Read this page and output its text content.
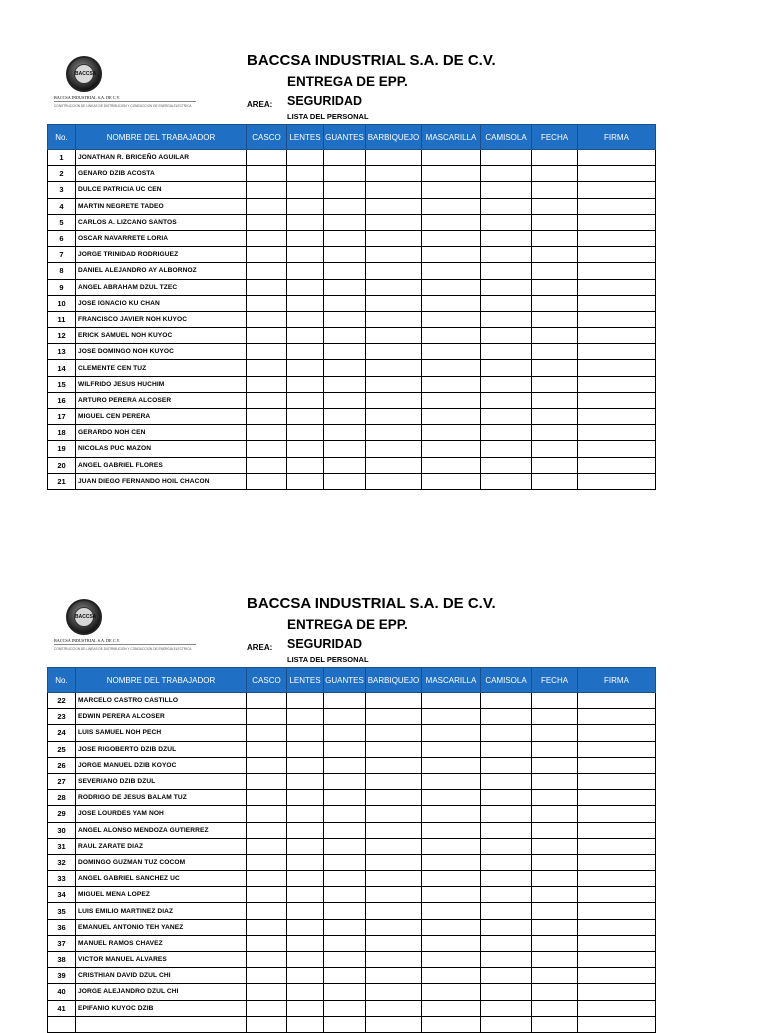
BACCSA
BACCSA INDUSTRIAL S.A. DE C.V.
CONSTRUCCION DE LINEAS DE DISTRIBUCION Y CONDUCCION DE ENERGIA ELECTRICA
BACCSA INDUSTRIAL S.A. DE C.V.
ENTREGA DE EPP.
AREA: SEGURIDAD
LISTA DEL PERSONAL
No.	NOMBRE DEL TRABAJADOR	CASCO	LENTES	GUANTES	BARBIQUEJO	MASCARILLA	CAMISOLA	FECHA	FIRMA
1	JONATHAN R. BRICEÑO AGUILAR								
2	GENARO DZIB ACOSTA								
3	DULCE PATRICIA UC CEN								
4	MARTIN NEGRETE TADEO								
5	CARLOS A. LIZCANO SANTOS								
6	OSCAR NAVARRETE LORIA								
7	JORGE TRINIDAD RODRIGUEZ								
8	DANIEL ALEJANDRO AY ALBORNOZ								
9	ANGEL ABRAHAM DZUL TZEC								
10	JOSE IGNACIO KU CHAN								
11	FRANCISCO JAVIER NOH KUYOC								
12	ERICK SAMUEL NOH KUYOC								
13	JOSE DOMINGO NOH KUYOC								
14	CLEMENTE CEN TUZ								
15	WILFRIDO JESUS HUCHIM								
16	ARTURO PERERA ALCOSER								
17	MIGUEL CEN PERERA								
18	GERARDO NOH CEN								
19	NICOLAS PUC MAZON								
20	ANGEL GABRIEL FLORES								
21	JUAN DIEGO FERNANDO HOIL CHACON								
BACCSA
BACCSA INDUSTRIAL S.A. DE C.V.
CONSTRUCCION DE LINEAS DE DISTRIBUCION Y CONDUCCION DE ENERGIA ELECTRICA
BACCSA INDUSTRIAL S.A. DE C.V.
ENTREGA DE EPP.
AREA: SEGURIDAD
LISTA DEL PERSONAL
No.	NOMBRE DEL TRABAJADOR	CASCO	LENTES	GUANTES	BARBIQUEJO	MASCARILLA	CAMISOLA	FECHA	FIRMA
22	MARCELO CASTRO CASTILLO								
23	EDWIN PERERA ALCOSER								
24	LUIS SAMUEL NOH PECH								
25	JOSE RIGOBERTO DZIB DZUL								
26	JORGE MANUEL DZIB KOYOC								
27	SEVERIANO DZIB DZUL								
28	RODRIGO DE JESUS BALAM TUZ								
29	JOSE LOURDES YAM NOH								
30	ANGEL ALONSO MENDOZA GUTIERREZ								
31	RAUL ZARATE DIAZ								
32	DOMINGO GUZMAN TUZ COCOM								
33	ANGEL GABRIEL SANCHEZ UC								
34	MIGUEL MENA LOPEZ								
35	LUIS EMILIO MARTINEZ DIAZ								
36	EMANUEL ANTONIO TEH YANEZ								
37	MANUEL RAMOS CHAVEZ								
38	VICTOR MANUEL ALVARES								
39	CRISTHIAN DAVID DZUL CHI								
40	JORGE ALEJANDRO DZUL CHI								
41	EPIFANIO KUYOC DZIB								
